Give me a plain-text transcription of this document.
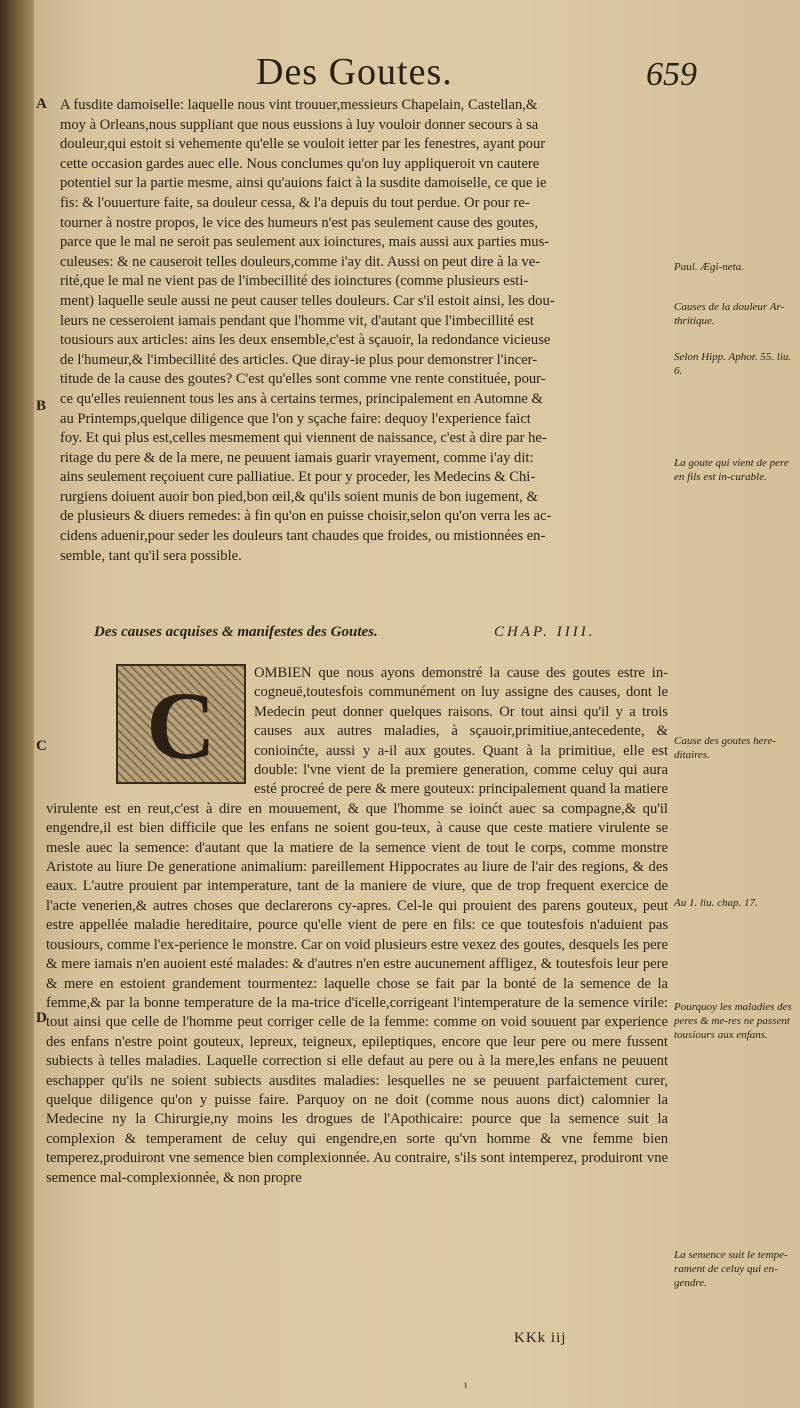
Des Goutes.	659
A
B
C
D

A fusdite damoiselle: laquelle nous vint trouuer,messieurs Chapelain, Castellan,&

moy à Orleans,nous suppliant que nous eussions à luy vouloir donner secours à sa

douleur,qui estoit si vehemente qu'elle se vouloit ietter par les fenestres, ayant pour

cette occasion gardes auec elle. Nous conclumes qu'on luy appliqueroit vn cautere

potentiel sur la partie mesme, ainsi qu'auions faict à la susdite damoiselle, ce que ie

fis: & l'ouuerture faite, sa douleur cessa, & l'a depuis du tout perdue. Or pour re-

tourner à nostre propos, le vice des humeurs n'est pas seulement cause des goutes,

parce que le mal ne seroit pas seulement aux ioinctures, mais aussi aux parties mus-

culeuses: & ne causeroit telles douleurs,comme i'ay dit. Aussi on peut dire à la ve-

rité,que le mal ne vient pas de l'imbecillité des ioinctures (comme plusieurs esti-

ment) laquelle seule aussi ne peut causer telles douleurs. Car s'il estoit ainsi, les dou-

leurs ne cesseroient iamais pendant que l'homme vit, d'autant que l'imbecillité est

tousiours aux articles: ains les deux ensemble,c'est à sçauoir, la redondance vicieuse

de l'humeur,& l'imbecillité des articles. Que diray-ie plus pour demonstrer l'incer-

titude de la cause des goutes? C'est qu'elles sont comme vne rente constituée, pour-

ce qu'elles reuiennent tous les ans à certains termes, principalement en Automne &

au Printemps,quelque diligence que l'on y sçache faire: dequoy l'experience faict

foy. Et qui plus est,celles mesmement qui viennent de naissance, c'est à dire par he-

ritage du pere & de la mere, ne peuuent iamais guarir vrayement, comme i'ay dit:

ains seulement reçoiuent cure palliatiue. Et pour y proceder, les Medecins & Chi-

rurgiens doiuent auoir bon pied,bon œil,& qu'ils soient munis de bon iugement, &

de plusieurs & diuers remedes: à fin qu'on en puisse choisir,selon qu'on verra les ac-

cidens aduenir,pour seder les douleurs tant chaudes que froides, ou mistionnées en-

semble, tant qu'il sera possible.

Des causes acquises & manifestes des Goutes.	CHAP. IIII.
C	OMBIEN que nous ayons demonstré la cause des goutes estre in-cogneuë,toutesfois communément on luy assigne des causes, dont le Medecin peut donner quelques raisons. Or tout ainsi qu'il y a trois causes aux autres maladies, à sçauoir,primitiue,antecedente, & conioinćte, aussi y a-il aux goutes. Quant à la primitiue, elle est double: l'vne vient de la premiere generation, comme celuy qui aura esté procreé de pere & mere gouteux: principalement quand la matiere virulente est en reut,c'est à dire en mouuement, & que l'homme se ioinćt auec sa compagne,& qu'il engendre,il est bien difficile que les enfans ne soient gou-teux, à cause que ceste matiere virulente se mesle auec la semence: d'autant que la matiere de la semence vient de tout le corps, comme monstre Aristote au liure De generatione animalium: pareillement Hippocrates au liure de l'air des regions, & des eaux. L'autre prouient par intemperature, tant de la maniere de viure, que de trop frequent exercice de l'acte venerien,& autres choses que declarerons cy-apres. Cel-le qui prouient des parens gouteux, peut estre appellée maladie hereditaire, pource qu'elle vient de pere en fils: ce que toutesfois n'aduient pas tousiours, comme l'ex-perience le monstre. Car on void plusieurs estre vexez des goutes, desquels les pere & mere iamais n'en auoient esté malades: & d'autres n'en estre aucunement affligez, & toutesfois leur pere & mere en estoient grandement tourmentez: laquelle chose se fait par la bonté de la semence de la femme,& par la bonne temperature de la ma-trice d'icelle,corrigeant l'intemperature de la semence virile: tout ainsi que celle de l'homme peut corriger celle de la femme: comme on void souuent par experience des enfans n'estre point gouteux, lepreux, teigneux, epileptiques, encore que leur pere ou mere fussent subiects à telles maladies. Laquelle correction si elle defaut au pere ou à la mere,les enfans ne peuuent eschapper qu'ils ne soient subiects ausdites maladies: lesquelles ne se peuuent parfaictement curer, quelque diligence qu'on y puisse faire. Parquoy on ne doit (comme nous auons dict) calomnier la Medecine ny la Chirurgie,ny moins les drogues de l'Apothicaire: pource que la semence suit la complexion & temperament de celuy qui engendre,en sorte qu'vn homme & vne femme bien temperez,produiront vne semence bien complexionnée. Au contraire, s'ils sont intemperez, produiront vne semence mal-complexionnée, & non propre
Paul. Ægi-neta.
Causes de la douleur Ar-thritique.
Selon Hipp. Aphor. 55. liu. 6.
La goute qui vient de pere en fils est in-curable.
Cause des goutes here-ditaires.
Au 1. liu. chap. 17.
Pourquoy les maladies des peres & me-res ne passent tousiours aux enfans.
La semence suit le tempe-rament de celuy qui en-gendre.
KKk iij
¹
